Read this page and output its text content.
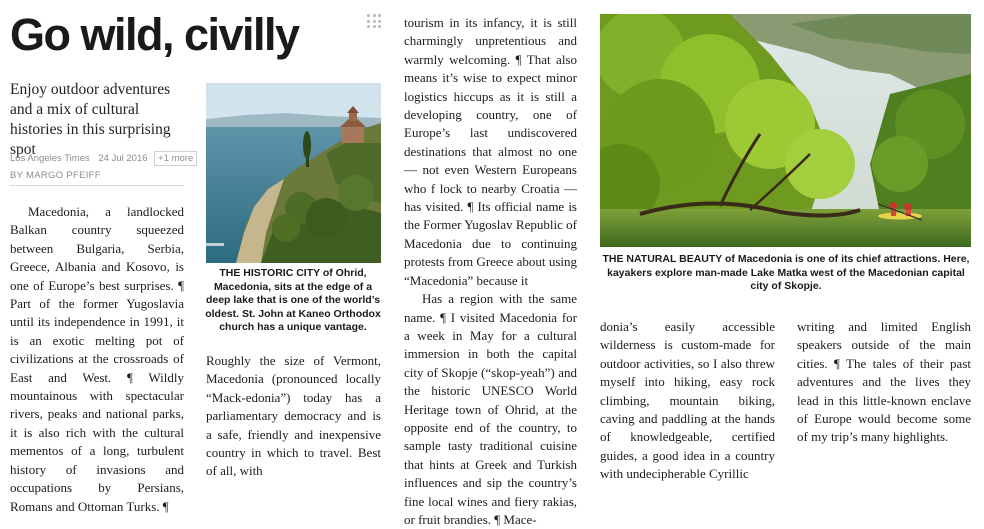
Go wild, civilly

Enjoy outdoor adventures and a mix of cultural histories in this surprising spot

Los Angeles Times 24 Jul 2016 +1 more
BY MARGO PFEIFF

Macedonia, a landlocked Balkan country squeezed between Bulgaria, Serbia, Greece, Albania and Kosovo, is one of Europe’s best surprises. ¶ Part of the former Yugoslavia until its independence in 1991, it is an exotic melting pot of civilizations at the crossroads of East and West. ¶ Wildly mountainous with spectacular rivers, peaks and national parks, it is also rich with the cultural mementos of a long, turbulent history of invasions and occupations by Persians, Romans and Ottoman Turks. ¶

THE HISTORIC CITY of Ohrid, Macedonia, sits at the edge of a deep lake that is one of the world’s oldest. St. John at Kaneo Orthodox church has a unique vantage.

Roughly the size of Vermont, Macedonia (pronounced locally “Mack-edonia”) today has a parliamentary democracy and is a safe, friendly and inexpensive country in which to travel. Best of all, with

tourism in its infancy, it is still charmingly unpretentious and warmly welcoming. ¶ That also means it’s wise to expect minor logistics hiccups as it is still a developing country, one of Europe’s last undiscovered destinations that almost no one — not even Western Europeans who f lock to nearby Croatia — has visited. ¶ Its official name is the Former Yugoslav Republic of Macedonia due to continuing protests from Greece about using “Macedonia” because it

Has a region with the same name. ¶ I visited Macedonia for a week in May for a cultural immersion in both the capital city of Skopje (“skop-yeah”) and the historic UNESCO World Heritage town of Ohrid, at the opposite end of the country, to sample tasty traditional cuisine that hints at Greek and Turkish influences and sip the country’s fine local wines and fiery rakias, or fruit brandies. ¶ Mace-

THE NATURAL BEAUTY of Macedonia is one of its chief attractions. Here, kayakers explore man-made Lake Matka west of the Macedonian capital city of Skopje.

donia’s easily accessible wilderness is custom-made for outdoor activities, so I also threw myself into hiking, easy rock climbing, mountain biking, caving and paddling at the hands of knowledgeable, certified guides, a good idea in a country with undecipherable Cyrillic

writing and limited English speakers outside of the main cities. ¶ The tales of their past adventures and the lives they lead in this little-known enclave of Europe would become some of my trip’s many highlights.
